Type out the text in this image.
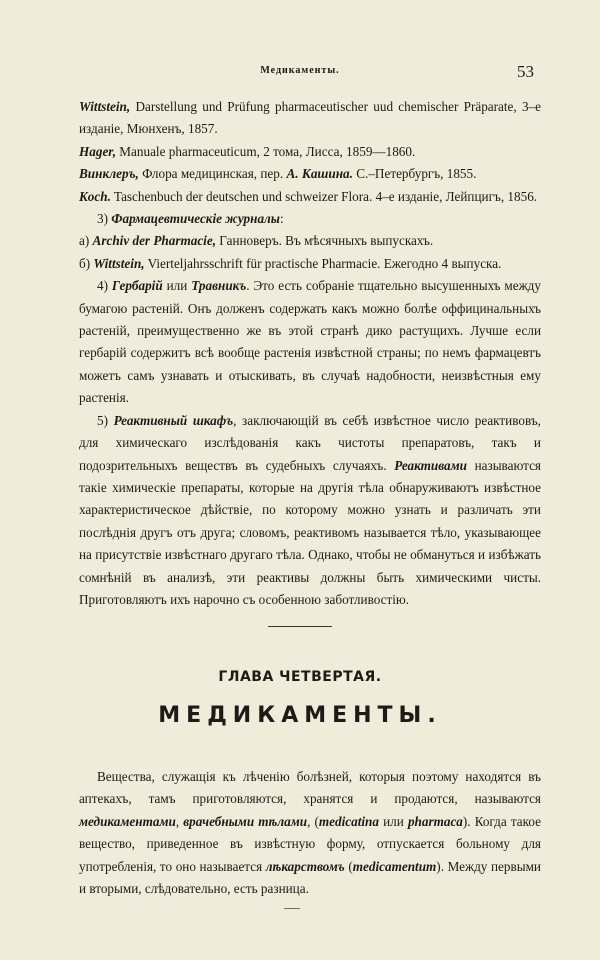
Медикаменты.	53

Wittstein, Darstellung und Prüfung pharmaceutischer uud chemischer Präparate, 3–е изданіе, Мюнхенъ, 1857.

Hager, Manuale pharmaceuticum, 2 тома, Лисса, 1859—1860.

Винклеръ, Флора медицинская, пер. А. Кашина. С.–Петербургъ, 1855.

Koch. Taschenbuch der deutschen und schweizer Flora. 4–е изданіе, Лейпцигъ, 1856.

3) Фармацевтическіе журналы:

а) Archiv der Pharmacie, Ганноверъ. Въ мѣсячныхъ выпускахъ.

б) Wittstein, Vierteljahrsschrift für practische Pharmacie. Ежегодно 4 выпуска.

4) Гербарій или Травникъ. Это есть собраніе тщательно высушенныхъ между бумагою растеній. Онъ долженъ содержать какъ можно болѣе оффицинальныхъ растеній, преимущественно же въ этой странѣ дико растущихъ. Лучше если гербарій содержитъ всѣ вообще растенія извѣстной страны; по немъ фармацевтъ можетъ самъ узнавать и отыскивать, въ случаѣ надобности, неизвѣстныя ему растенія.

5) Реактивный шкафъ, заключающій въ себѣ извѣстное число реактивовъ, для химическаго изслѣдованія какъ чистоты препаратовъ, такъ и подозрительныхъ веществъ въ судебныхъ случаяхъ. Реактивами называются такіе химическіе препараты, которые на другія тѣла обнаруживаютъ извѣстное характеристическое дѣйствіе, по которому можно узнать и различать эти послѣднія другъ отъ друга; словомъ, реактивомъ называется тѣло, указывающее на присутствіе извѣстнаго другаго тѣла. Однако, чтобы не обмануться и избѣжать сомнѣній въ анализѣ, эти реактивы должны быть химическими чисты. Приготовляютъ ихъ нарочно съ особенною заботливостію.

ГЛАВА ЧЕТВЕРТАЯ.
МЕДИКАМЕНТЫ.

Вещества, служащія къ лѣченію болѣзней, которыя поэтому находятся въ аптекахъ, тамъ приготовляются, хранятся и продаются, называются медикаментами, врачебными тѣлами, (medicatina или pharmaca). Когда такое вещество, приведенное въ извѣстную форму, отпускается больному для употребленія, то оно называется лѣкарствомъ (medicamentum). Между первыми и вторыми, слѣдовательно, есть разница.
